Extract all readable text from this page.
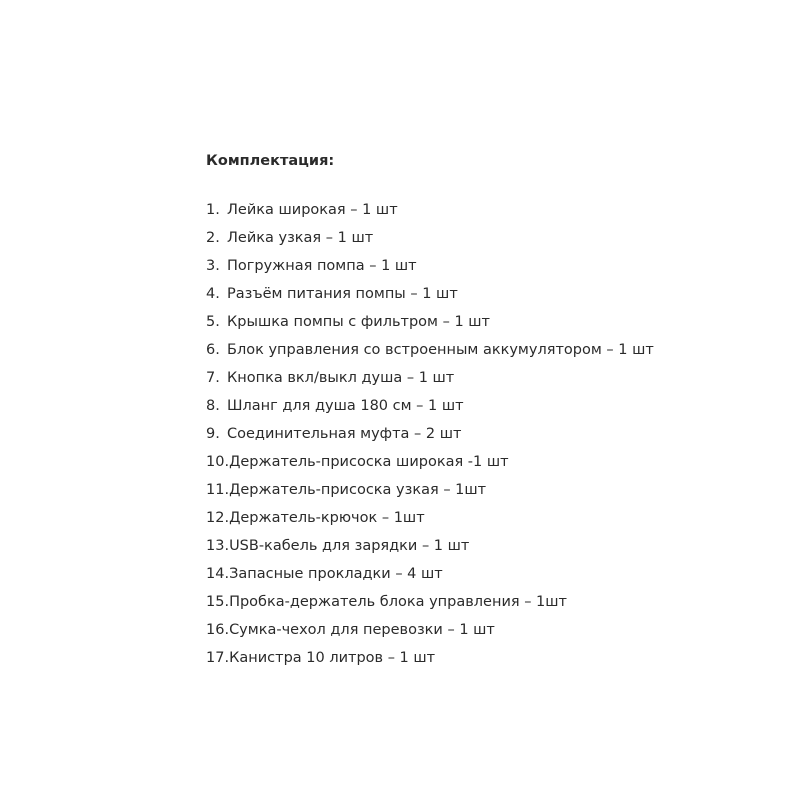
Комплектация:
1. Лейка широкая – 1 шт
2. Лейка узкая – 1 шт
3. Погружная помпа – 1 шт
4. Разъём питания помпы – 1 шт
5. Крышка помпы с фильтром – 1 шт
6. Блок управления со встроенным аккумулятором – 1 шт
7. Кнопка вкл/выкл душа – 1 шт
8. Шланг для душа 180 см – 1 шт
9. Соединительная муфта – 2 шт
10. Держатель-присоска широкая -1 шт
11. Держатель-присоска узкая – 1шт
12. Держатель-крючок – 1шт
13. USB-кабель для зарядки – 1 шт
14. Запасные прокладки – 4 шт
15. Пробка-держатель блока управления – 1шт
16. Сумка-чехол для перевозки – 1 шт
17. Канистра 10 литров – 1 шт
